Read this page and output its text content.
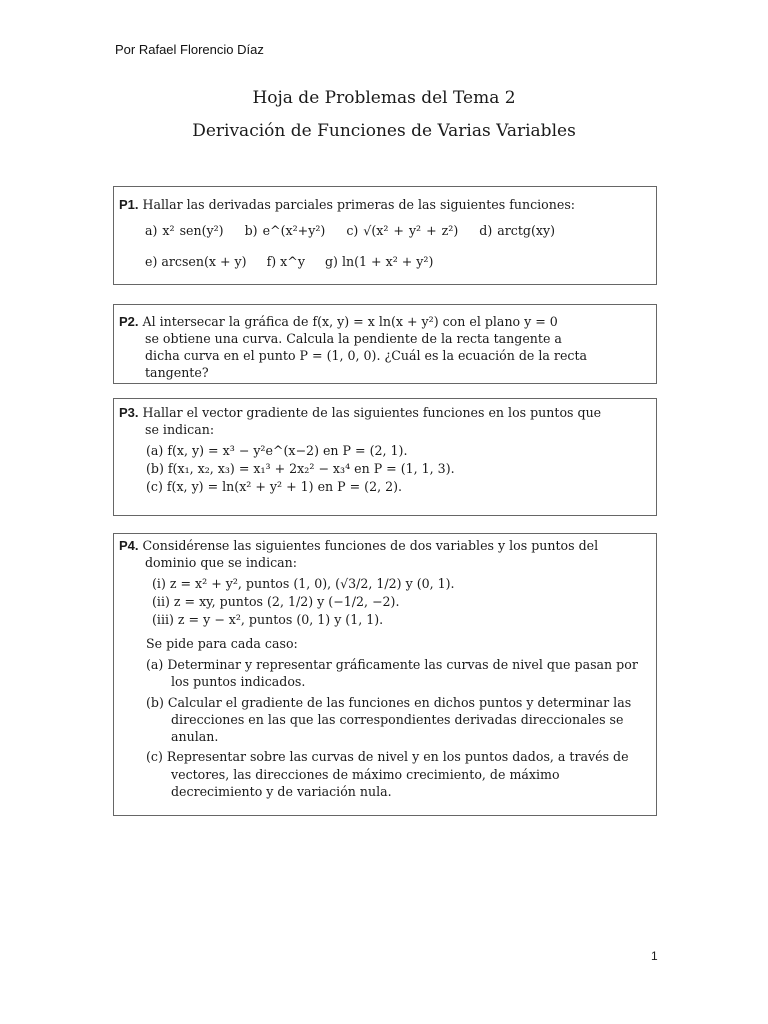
Por Rafael Florencio Díaz
Hoja de Problemas del Tema 2
Derivación de Funciones de Varias Variables
P1. Hallar las derivadas parciales primeras de las siguientes funciones:
a) x² sen(y²) b) e^(x²+y²) c) √(x² + y² + z²) d) arctg(xy)
e) arcsen(x + y) f) x^y g) ln(1 + x² + y²)
P2. Al intersecar la gráfica de f(x, y) = x ln(x + y²) con el plano y = 0
se obtiene una curva. Calcula la pendiente de la recta tangente a
dicha curva en el punto P = (1, 0, 0). ¿Cuál es la ecuación de la recta
tangente?
P3. Hallar el vector gradiente de las siguientes funciones en los puntos que
se indican:
(a) f(x, y) = x³ − y²e^(x−2) en P = (2, 1).
(b) f(x₁, x₂, x₃) = x₁³ + 2x₂² − x₃⁴ en P = (1, 1, 3).
(c) f(x, y) = ln(x² + y² + 1) en P = (2, 2).
P4. Considérense las siguientes funciones de dos variables y los puntos del
dominio que se indican:
(i) z = x² + y², puntos (1, 0), (√3/2, 1/2) y (0, 1).
(ii) z = xy, puntos (2, 1/2) y (−1/2, −2).
(iii) z = y − x², puntos (0, 1) y (1, 1).
Se pide para cada caso:
(a) Determinar y representar gráficamente las curvas de nivel que pasan por los puntos indicados.
(b) Calcular el gradiente de las funciones en dichos puntos y determinar las direcciones en las que las correspondientes derivadas direccionales se anulan.
(c) Representar sobre las curvas de nivel y en los puntos dados, a través de vectores, las direcciones de máximo crecimiento, de máximo decrecimiento y de variación nula.
1
